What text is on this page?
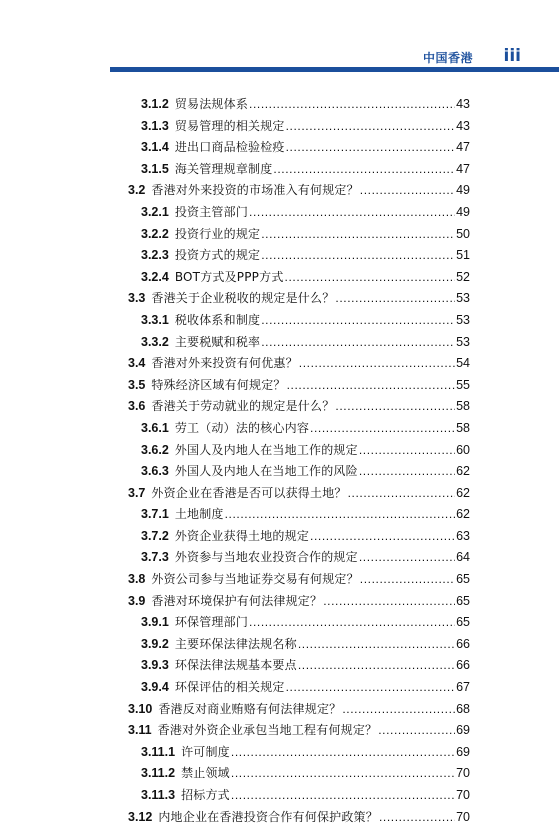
中国香港 iii
3.1.2 贸易法规体系 .....	43
3.1.3 贸易管理的相关规定 .....	43
3.1.4 进出口商品检验检疫 .....	47
3.1.5 海关管理规章制度 .....	47
3.2 香港对外来投资的市场准入有何规定？ .....	49
3.2.1 投资主管部门 .....	49
3.2.2 投资行业的规定 .....	50
3.2.3 投资方式的规定 .....	51
3.2.4 BOT方式及PPP方式 .....	52
3.3 香港关于企业税收的规定是什么？ .....	53
3.3.1 税收体系和制度 .....	53
3.3.2 主要税赋和税率 .....	53
3.4 香港对外来投资有何优惠？ .....	54
3.5 特殊经济区域有何规定？ .....	55
3.6 香港关于劳动就业的规定是什么？ .....	58
3.6.1 劳工（动）法的核心内容 .....	58
3.6.2 外国人及内地人在当地工作的规定 .....	60
3.6.3 外国人及内地人在当地工作的风险 .....	62
3.7 外资企业在香港是否可以获得土地？ .....	62
3.7.1 土地制度 .....	62
3.7.2 外资企业获得土地的规定 .....	63
3.7.3 外资参与当地农业投资合作的规定 .....	64
3.8 外资公司参与当地证券交易有何规定？ .....	65
3.9 香港对环境保护有何法律规定？ .....	65
3.9.1 环保管理部门 .....	65
3.9.2 主要环保法律法规名称 .....	66
3.9.3 环保法律法规基本要点 .....	66
3.9.4 环保评估的相关规定 .....	67
3.10 香港反对商业贿赂有何法律规定？ .....	68
3.11 香港对外资企业承包当地工程有何规定？ .....	69
3.11.1 许可制度 .....	69
3.11.2 禁止领域 .....	70
3.11.3 招标方式 .....	70
3.12 内地企业在香港投资合作有何保护政策？ .....	70
